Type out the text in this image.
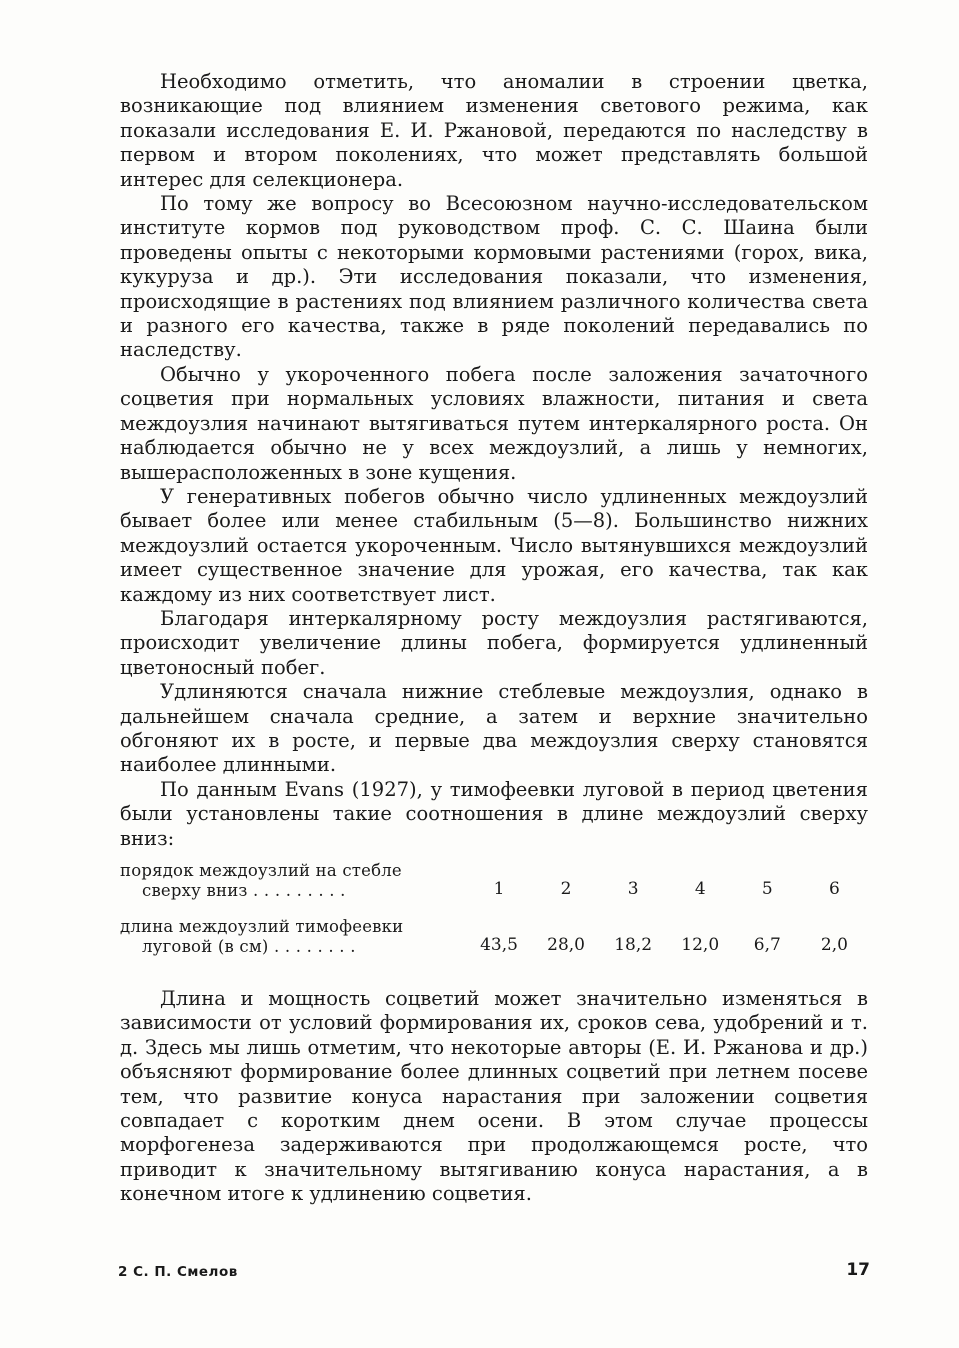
Необходимо отметить, что аномалии в строении цветка, возникающие под влиянием изменения светового режима, как показали исследования Е. И. Ржановой, передаются по наследству в первом и втором поколениях, что может представлять большой интерес для селекционера.

По тому же вопросу во Всесоюзном научно-исследовательском институте кормов под руководством проф. С. С. Шаина были проведены опыты с некоторыми кормовыми растениями (горох, вика, кукуруза и др.). Эти исследования показали, что изменения, происходящие в растениях под влиянием различного количества света и разного его качества, также в ряде поколений передавались по наследству.

Обычно у укороченного побега после заложения зачаточного соцветия при нормальных условиях влажности, питания и света междоузлия начинают вытягиваться путем интеркалярного роста. Он наблюдается обычно не у всех междоузлий, а лишь у немногих, вышерасположенных в зоне кущения.

У генеративных побегов обычно число удлиненных междоузлий бывает более или менее стабильным (5—8). Большинство нижних междоузлий остается укороченным. Число вытянувшихся междоузлий имеет существенное значение для урожая, его качества, так как каждому из них соответствует лист.

Благодаря интеркалярному росту междоузлия растягиваются, происходит увеличение длины побега, формируется удлиненный цветоносный побег.

Удлиняются сначала нижние стеблевые междоузлия, однако в дальнейшем сначала средние, а затем и верхние значительно обгоняют их в росте, и первые два междоузлия сверху становятся наиболее длинными.

По данным Evans (1927), у тимофеевки луговой в период цветения были установлены такие соотношения в длине междоузлий сверху вниз:

порядок междоузлий на стебле
сверху вниз . . . . . . . . .	1	2	3	4	5	6

длина междоузлий тимофеевки
луговой (в см) . . . . . . . .	43,5	28,0	18,2	12,0	6,7	2,0

Длина и мощность соцветий может значительно изменяться в зависимости от условий формирования их, сроков сева, удобрений и т. д. Здесь мы лишь отметим, что некоторые авторы (Е. И. Ржанова и др.) объясняют формирование более длинных соцветий при летнем посеве тем, что развитие конуса нарастания при заложении соцветия совпадает с коротким днем осени. В этом случае процессы морфогенеза задерживаются при продолжающемся росте, что приводит к значительному вытягиванию конуса нарастания, а в конечном итоге к удлинению соцветия.

2 С. П. Смелов	17
